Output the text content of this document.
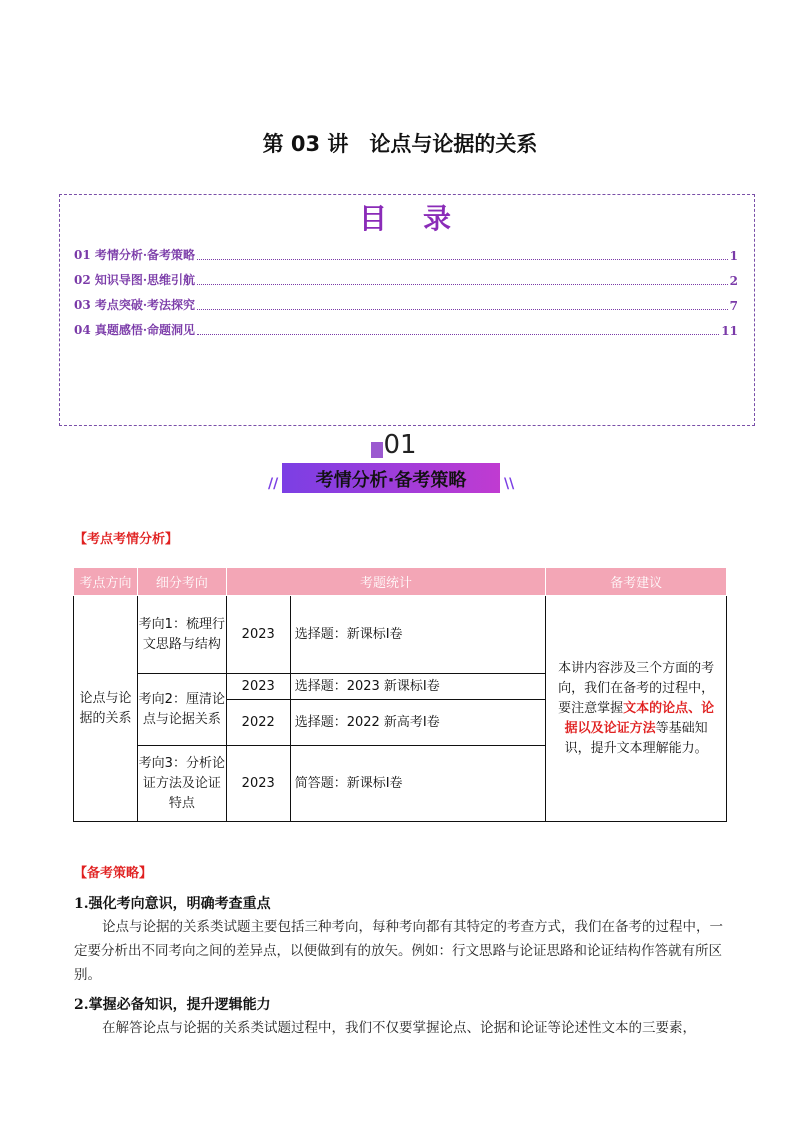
第 03 讲　论点与论据的关系
目　录
01 考情分析·备考策略	1
02 知识导图·思维引航	2
03 考点突破·考法探究	7
04 真题感悟·命题洞见	11
01
//	考情分析·备考策略	\\
【考点考情分析】
考点方向	细分考向	考题统计		备考建议
论点与论据的关系	考向1：梳理行文思路与结构	2023	选择题：新课标Ⅰ卷	本讲内容涉及三个方面的考向，我们在备考的过程中，要注意掌握文本的论点、论据以及论证方法等基础知识，提升文本理解能力。
	考向2：厘清论点与论据关系	2023	选择题：2023 新课标Ⅰ卷	
		2022	选择题：2022 新高考Ⅰ卷	
	考向3：分析论证方法及论证特点	2023	简答题：新课标Ⅰ卷	
【备考策略】
1.强化考向意识，明确考查重点
论点与论据的关系类试题主要包括三种考向，每种考向都有其特定的考查方式，我们在备考的过程中，一定要分析出不同考向之间的差异点，以便做到有的放矢。例如：行文思路与论证思路和论证结构作答就有所区别。
2.掌握必备知识，提升逻辑能力
在解答论点与论据的关系类试题过程中，我们不仅要掌握论点、论据和论证等论述性文本的三要素，
